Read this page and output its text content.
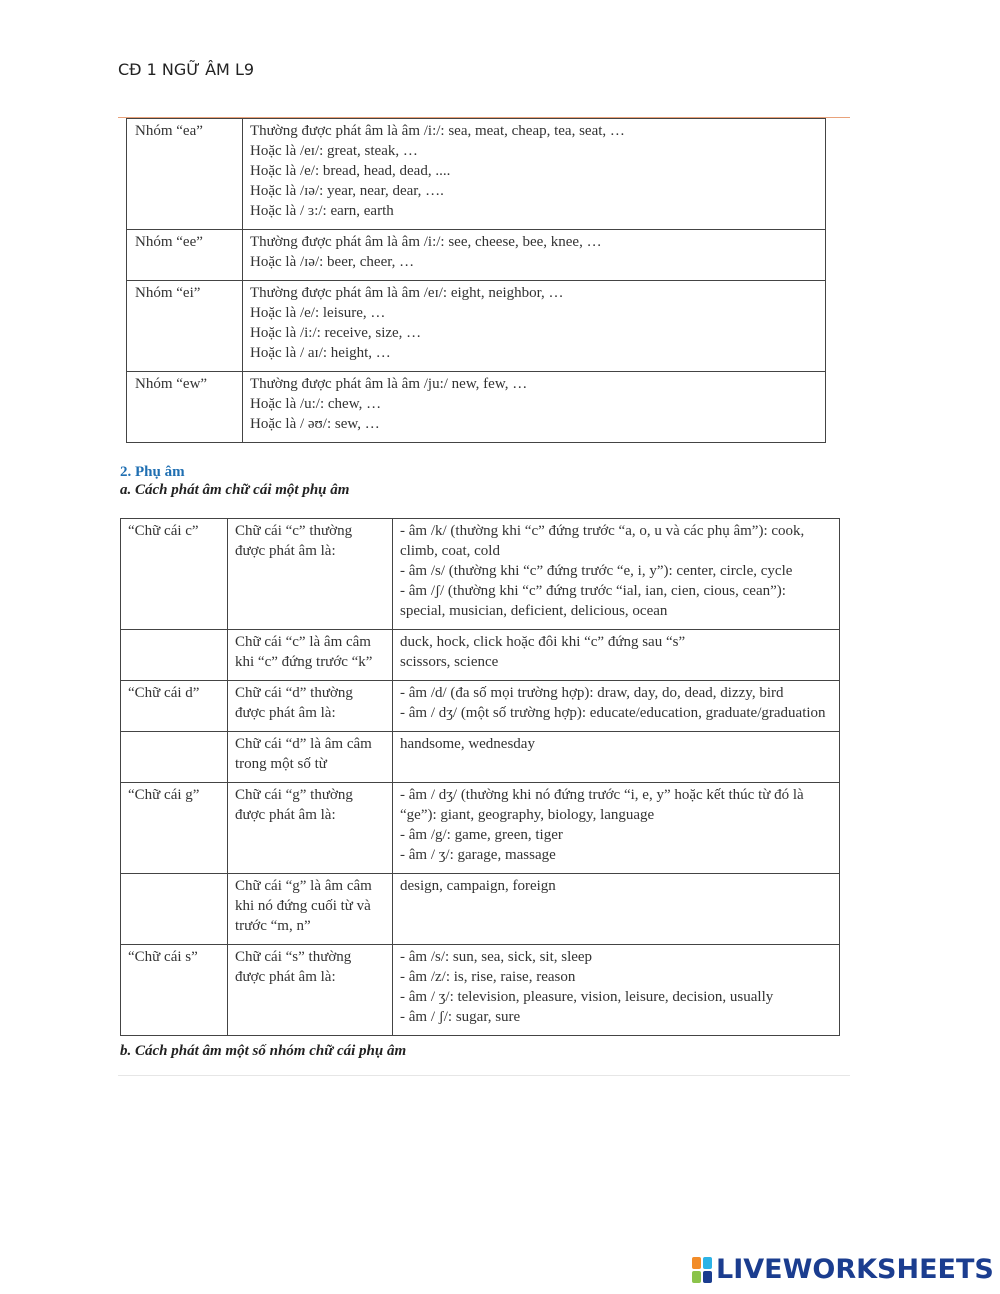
CĐ 1 NGỮ ÂM L9
Nhóm “ea”	Thường được phát âm là âm /i:/: sea, meat, cheap, tea, seat, …
Hoặc là /eɪ/: great, steak, …
Hoặc là /e/: bread, head, dead, ....
Hoặc là /ɪə/: year, near, dear, ….
Hoặc là / ɜ:/: earn, earth

Nhóm “ee”	Thường được phát âm là âm /i:/: see, cheese, bee, knee, …
Hoặc là /ɪə/: beer, cheer, …

Nhóm “ei”	Thường được phát âm là âm /eɪ/: eight, neighbor, …
Hoặc là /e/: leisure, …
Hoặc là /i:/: receive, size, …
Hoặc là / aɪ/: height, …

Nhóm “ew”	Thường được phát âm là âm /ju:/ new, few, …
Hoặc là /u:/: chew, …
Hoặc là / əʊ/: sew, …
2. Phụ âm
a. Cách phát âm chữ cái một phụ âm
“Chữ cái c”	Chữ cái “c” thường được phát âm là:	- âm /k/ (thường khi “c” đứng trước “a, o, u và các phụ âm”): cook, climb, coat, cold
- âm /s/ (thường khi “c” đứng trước “e, i, y”): center, circle, cycle
- âm /ʃ/ (thường khi “c” đứng trước “ial, ian, cien, cious, cean”): special, musician, deficient, delicious, ocean

	Chữ cái “c” là âm câm khi “c” đứng trước “k”	duck, hock, click hoặc đôi khi “c” đứng sau “s”
scissors, science

“Chữ cái d”	Chữ cái “d” thường được phát âm là:	- âm /d/ (đa số mọi trường hợp): draw, day, do, dead, dizzy, bird
- âm / dʒ/ (một số trường hợp): educate/education, graduate/graduation

	Chữ cái “d” là âm câm trong một số từ	handsome, wednesday

“Chữ cái g”	Chữ cái “g” thường được phát âm là:	- âm / dʒ/ (thường khi nó đứng trước “i, e, y” hoặc kết thúc từ đó là “ge”): giant, geography, biology, language
- âm /g/: game, green, tiger
- âm / ʒ/: garage, massage

	Chữ cái “g” là âm câm khi nó đứng cuối từ và trước “m, n”	design, campaign, foreign

“Chữ cái s”	Chữ cái “s” thường được phát âm là:	- âm /s/: sun, sea, sick, sit, sleep
- âm /z/: is, rise, raise, reason
- âm / ʒ/: television, pleasure, vision, leisure, decision, usually
- âm / ʃ/: sugar, sure
b. Cách phát âm một số nhóm chữ cái phụ âm
LIVEWORKSHEETS
